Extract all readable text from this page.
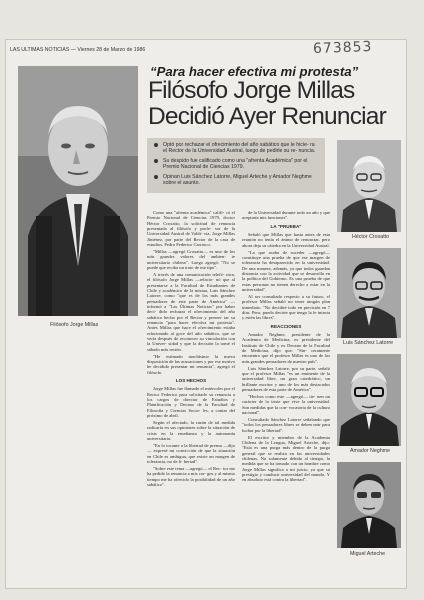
LAS ULTIMAS NOTICIAS — Viernes 28 de Marzo de 1986	673853
“Para hacer efectiva mi protesta”
Filósofo Jorge Millas
Decidió Ayer Renunciar
Filósofo Jorge Millas
Optó por rechazar el ofrecimiento del año sabático que le hicie- ra el Rector de la Universidad Austral, luego de pedirle su re- nuncia.
Su despido fue calificado como una "afrenta Académica" por el Premio Nacional de Ciencias 1979.
Opinan Luis Sánchez Latorre, Miguel Arteche y Amador Neghme sobre el asunto.

Como una "afrenta académica" califi- có el Premio Nacional de Ciencias 1979, doctor Héctor Croxatto, la solicitud de renuncia presentada al filósofo y profe- sor de la Universidad Austral de Valdi- via, Jorge Millas Jiménez, por parte del Rector de la casa de estudios, Pedro Federico Carrasco.

"Millas —agregó Croxatto— es uno de los más grandes valores del ambien- te universitario chileno". Luego agregó: "No se puede que reciba un trato de ese tipo".

A través de una comunicación telefó- nica, el filósofo Jorge Millas —relacio- nó que al presentarse a la Facultad de Estudiantes de Chile y académico de la misma, Luis Sánchez Latorre, como "que es de los más grandes pensadores de este parte de América" — informó a "Las Últimas Noticias" por haber deci- dido rechazar el ofrecimiento del año sabático hecho por el Rector y presen- tar su renuncia "para hacer efectiva mi protesta". Antes Millas que hace el ofrecimiento estaba relacionado al goce del año sabático, que se vería después de reconocer su vinculación con la Univer- sidad y que la decisión la tomé el sábado más recién.

"He estimado muchísimo la nueva disposición de las acusaciones y por ese motivo he decidido presentar mi renuncia", agregó el filósofo.

LOS HECHOS

Jorge Millas fue llamado el miércoles por el Rector Federico para solicitarle su renuncia a los cargos de director de Estudios y Planificación y Decano de la Facultad de Filosofía y Ciencias Socia- les, a contar del próximo de abril.

Según el afectado, la razón de tal medida radicaría en sus opiniones sobre la situación de crisis en la enseñanza y la autonomía universitaria.

"En lo tocante a la libertad de prensa —dijo— expresé mi convicción de que la situación en Chile es ambigua, que existe un margen de tolerancia, no de li- bertad".

"Sobre este tema —agregó— el Rec- tor me ha pedido la renuncia a mis car- gos y al mismo tiempo me ha ofrecido la posibilidad de un año sabático".

de la Universidad durante todo un año y que aceptaría mis funciones".

LA "PRUEBA"

Señaló que Millas que hasta antes de esta reunión no tenía el ánimo de renunciar, pero ahora deja su cátedra en la Universidad Austral.

"La que acaba de suceder —agregó— constituye una prueba de que ese margen de tolerancia ha desaparecido en la universidad. De una manera, además, ya que todos guardan distancia con la actividad que se desarrolla en la política del Gobierno. Es una prueba de que estas personas no tienen derecho a estar en la universidad".

Al ser consultado respecto a su futuro, el profesor Millas señaló no tener ningún plan inmediato. "No decidiré todo en precisión en 7 días. Pero, puedo decirte que tengo la fe intacta y estén las libres".

REACCIONES

Amador Neghme, presidente de la Academia de Medicina, ex presidente del Instituto de Chile y ex Decano de la Facultad de Medicina, dijo que: "Sin- ceramente encuentro que el profesor Millas es uno de los más grandes pensadores de nuestro país".

Luis Sánchez Latorre, por su parte, señaló que el profesor Millas "es un eminente de la universidad libre, un gran catedrático, un brillante escritor y uno de los más destacados pensadores de esta parte de América".

"Hechos como este —agregó— tie- nen un carácter de lo triste que vive la universidad. Son medidas que la con- vocatoria de la cultura nacional".

Consultado Sánchez Latorre señalando que "todos los pensadores libres se deben unir para luchar por la libertad".

El escritor y miembro de la Academia Chilena de la Lengua, Miguel Arteche, dijo: "Esta es una purga más dentro de la purga general que se realiza en las universidades chilenas. No solamente debido al tiempo, la medida que se ha tomado con un hombre como Jorge Millas significa a mi juicio, ya que su prestigio y conducir universidad del mundo. Y en absoluto está contra la libertad".

Héctor Croxatto
Luis Sánchez Latorre
Amador Neghme
Miguel Arteche
